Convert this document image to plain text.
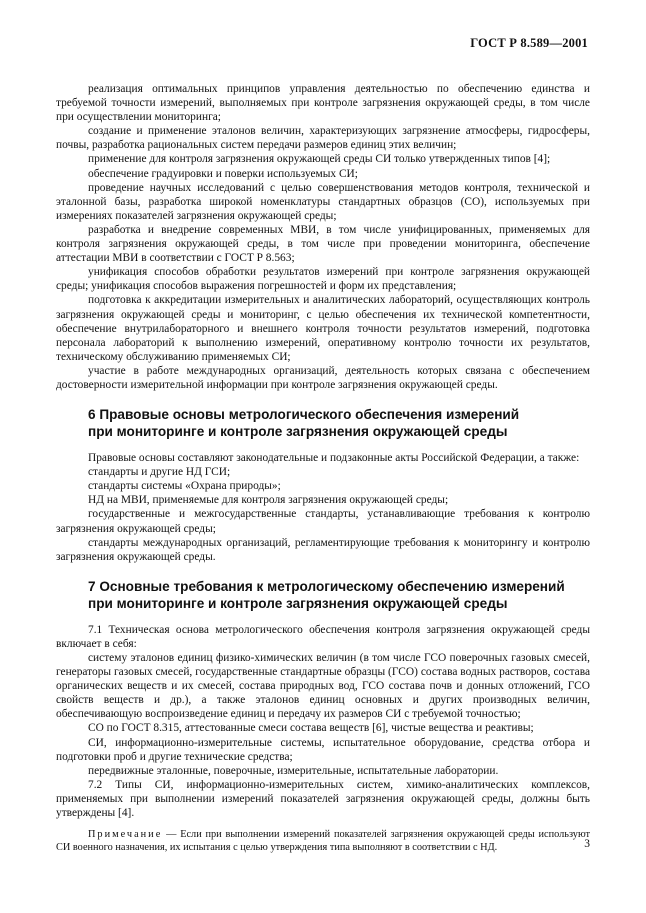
ГОСТ Р 8.589—2001

реализация оптимальных принципов управления деятельностью по обеспечению единства и требуемой точности измерений, выполняемых при контроле загрязнения окружающей среды, в том числе при осуществлении мониторинга;

создание и применение эталонов величин, характеризующих загрязнение атмосферы, гидросферы, почвы, разработка рациональных систем передачи размеров единиц этих величин;

применение для контроля загрязнения окружающей среды СИ только утвержденных типов [4];

обеспечение градуировки и поверки используемых СИ;

проведение научных исследований с целью совершенствования методов контроля, технической и эталонной базы, разработка широкой номенклатуры стандартных образцов (СО), используемых при измерениях показателей загрязнения окружающей среды;

разработка и внедрение современных МВИ, в том числе унифицированных, применяемых для контроля загрязнения окружающей среды, в том числе при проведении мониторинга, обеспечение аттестации МВИ в соответствии с ГОСТ Р 8.563;

унификация способов обработки результатов измерений при контроле загрязнения окружающей среды; унификация способов выражения погрешностей и форм их представления;

подготовка к аккредитации измерительных и аналитических лабораторий, осуществляющих контроль загрязнения окружающей среды и мониторинг, с целью обеспечения их технической компетентности, обеспечение внутрилабораторного и внешнего контроля точности результатов измерений, подготовка персонала лабораторий к выполнению измерений, оперативному контролю точности их результатов, техническому обслуживанию применяемых СИ;

участие в работе международных организаций, деятельность которых связана с обеспечением достоверности измерительной информации при контроле загрязнения окружающей среды.

6 Правовые основы метрологического обеспечения измерений
при мониторинге и контроле загрязнения окружающей среды

Правовые основы составляют законодательные и подзаконные акты Российской Федерации, а также:

стандарты и другие НД ГСИ;

стандарты системы «Охрана природы»;

НД на МВИ, применяемые для контроля загрязнения окружающей среды;

государственные и межгосударственные стандарты, устанавливающие требования к контролю загрязнения окружающей среды;

стандарты международных организаций, регламентирующие требования к мониторингу и контролю загрязнения окружающей среды.

7 Основные требования к метрологическому обеспечению измерений
при мониторинге и контроле загрязнения окружающей среды

7.1 Техническая основа метрологического обеспечения контроля загрязнения окружающей среды включает в себя:

систему эталонов единиц физико-химических величин (в том числе ГСО поверочных газовых смесей, генераторы газовых смесей, государственные стандартные образцы (ГСО) состава водных растворов, состава органических веществ и их смесей, состава природных вод, ГСО состава почв и донных отложений, ГСО свойств веществ и др.), а также эталонов единиц основных и других производных величин, обеспечивающую воспроизведение единиц и передачу их размеров СИ с требуемой точностью;

СО по ГОСТ 8.315, аттестованные смеси состава веществ [6], чистые вещества и реактивы;

СИ, информационно-измерительные системы, испытательное оборудование, средства отбора и подготовки проб и другие технические средства;

передвижные эталонные, поверочные, измерительные, испытательные лаборатории.

7.2 Типы СИ, информационно-измерительных систем, химико-аналитических комплексов, применяемых при выполнении измерений показателей загрязнения окружающей среды, должны быть утверждены [4].

Примечание — Если при выполнении измерений показателей загрязнения окружающей среды используют СИ военного назначения, их испытания с целью утверждения типа выполняют в соответствии с НД.	3
